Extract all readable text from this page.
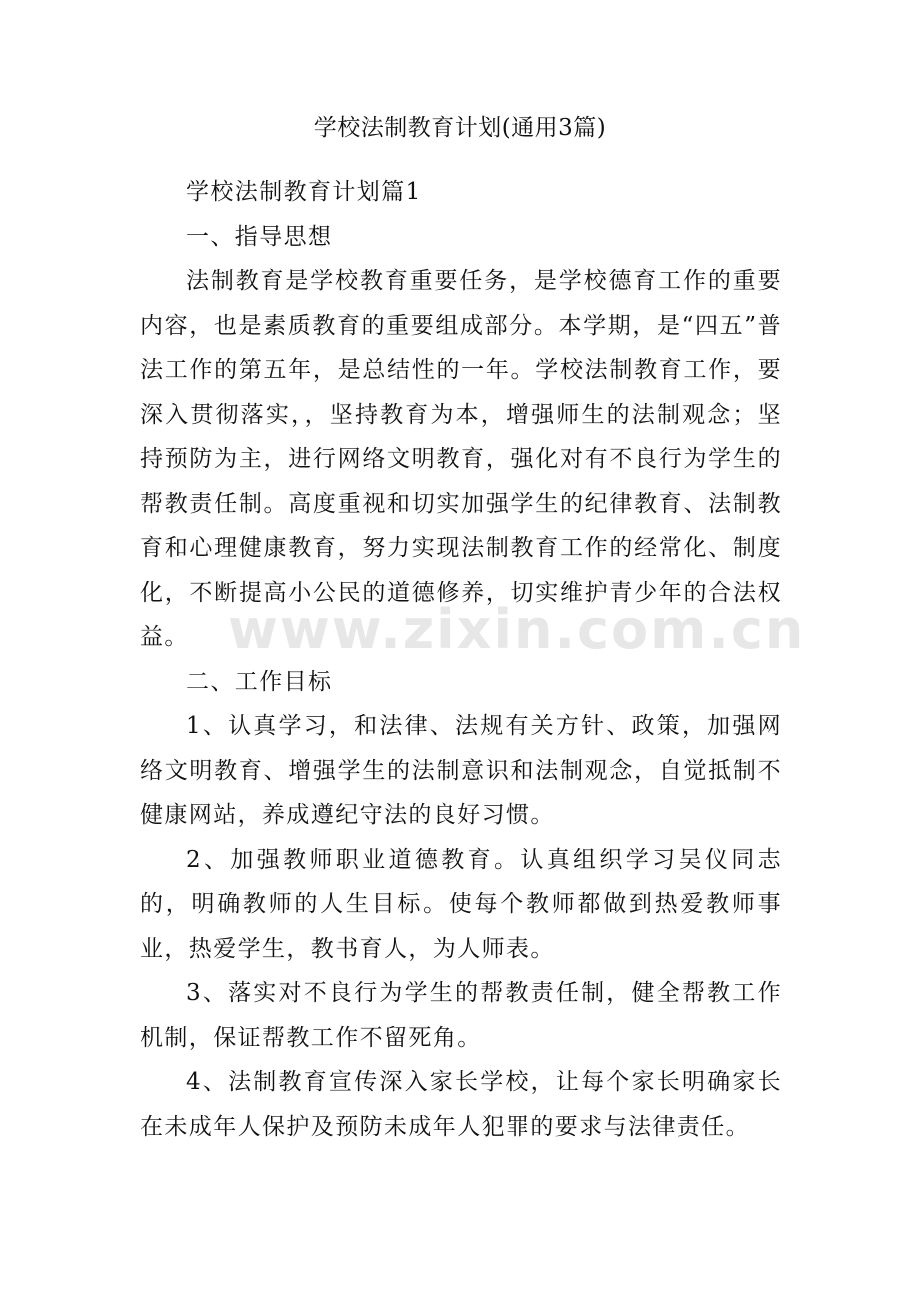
学校法制教育计划(通用3篇)

学校法制教育计划篇1

一、指导思想

法制教育是学校教育重要任务，是学校德育工作的重要内容，也是素质教育的重要组成部分。本学期，是“四五”普法工作的第五年，是总结性的一年。学校法制教育工作，要深入贯彻落实，，坚持教育为本，增强师生的法制观念；坚持预防为主，进行网络文明教育，强化对有不良行为学生的帮教责任制。高度重视和切实加强学生的纪律教育、法制教育和心理健康教育，努力实现法制教育工作的经常化、制度化，不断提高小公民的道德修养，切实维护青少年的合法权益。

二、工作目标

1、认真学习，和法律、法规有关方针、政策，加强网络文明教育、增强学生的法制意识和法制观念，自觉抵制不健康网站，养成遵纪守法的良好习惯。

2、加强教师职业道德教育。认真组织学习吴仪同志的，明确教师的人生目标。使每个教师都做到热爱教师事业，热爱学生，教书育人，为人师表。

3、落实对不良行为学生的帮教责任制，健全帮教工作机制，保证帮教工作不留死角。

4、法制教育宣传深入家长学校，让每个家长明确家长在未成年人保护及预防未成年人犯罪的要求与法律责任。

www.zixin.com.cn
